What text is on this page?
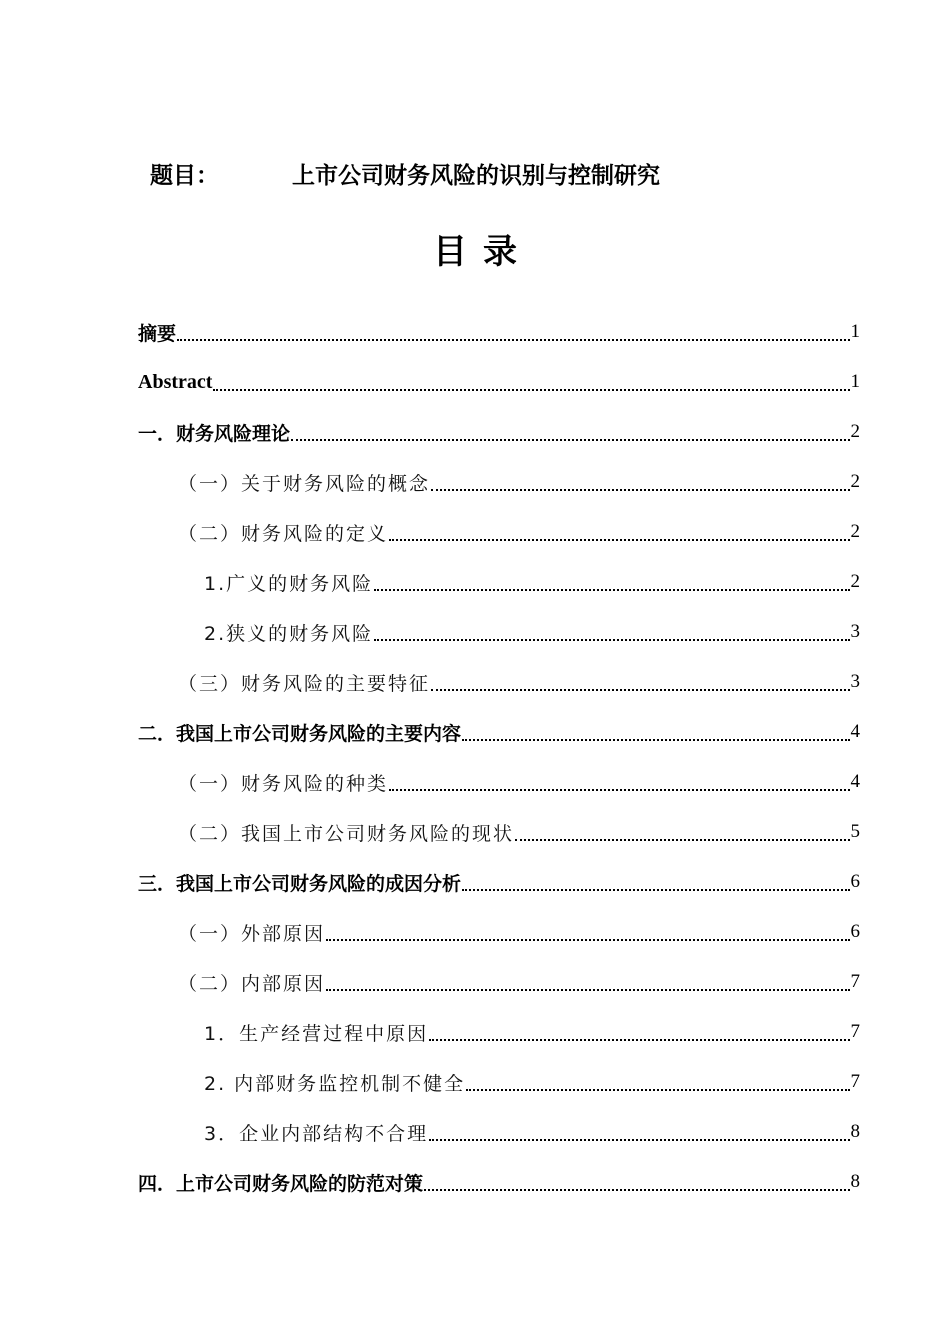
题目：	上市公司财务风险的识别与控制研究
目录
摘要	1
Abstract	1
一．财务风险理论	2
（一）关于财务风险的概念	2
（二）财务风险的定义	2
1.广义的财务风险	2
2.狭义的财务风险	3
（三）财务风险的主要特征	3
二．我国上市公司财务风险的主要内容	4
（一）财务风险的种类	4
（二）我国上市公司财务风险的现状	5
三．我国上市公司财务风险的成因分析	6
（一）外部原因	6
（二）内部原因	7
1．生产经营过程中原因	7
2. 内部财务监控机制不健全	7
3．企业内部结构不合理	8
四．上市公司财务风险的防范对策	8
